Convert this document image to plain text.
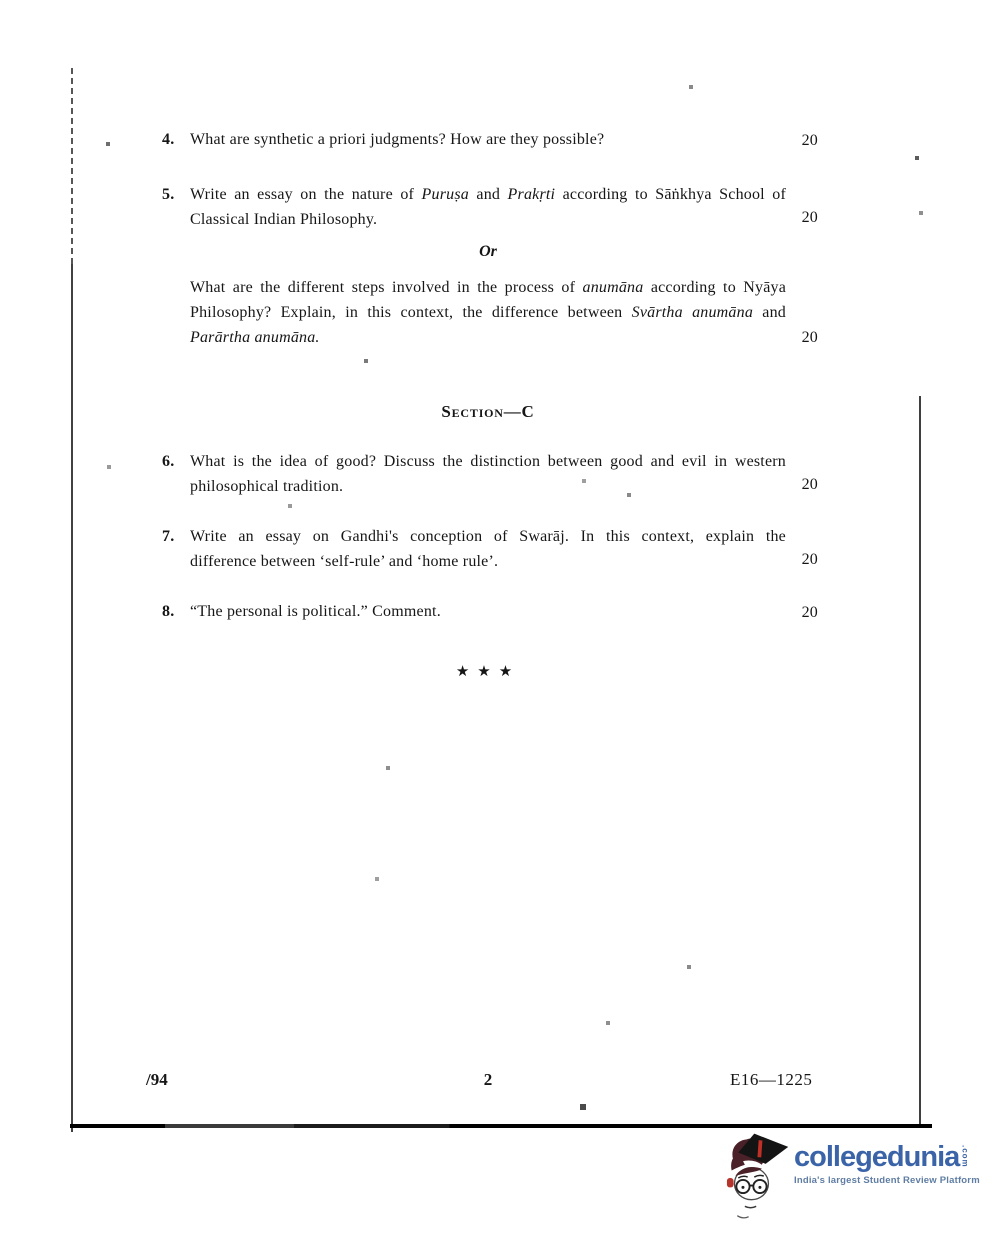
4. What are synthetic a priori judgments? How are they possible?	20
5. Write an essay on the nature of Puruṣa and Prakṛti according to Sāṅkhya School of
Classical Indian Philosophy.	20
Or
What are the different steps involved in the process of anumāna according to Nyāya
Philosophy? Explain, in this context, the difference between Svārtha anumāna and
Parārtha anumāna.	20
Section—C
6. What is the idea of good? Discuss the distinction between good and evil in western
philosophical tradition.	20
7. Write an essay on Gandhi's conception of Swarāj. In this context, explain the
difference between ‘self-rule’ and ‘home rule’.	20
8. “The personal is political.” Comment.	20
★★★
/94	2	E16—1225
collegedunia .com
India's largest Student Review Platform
